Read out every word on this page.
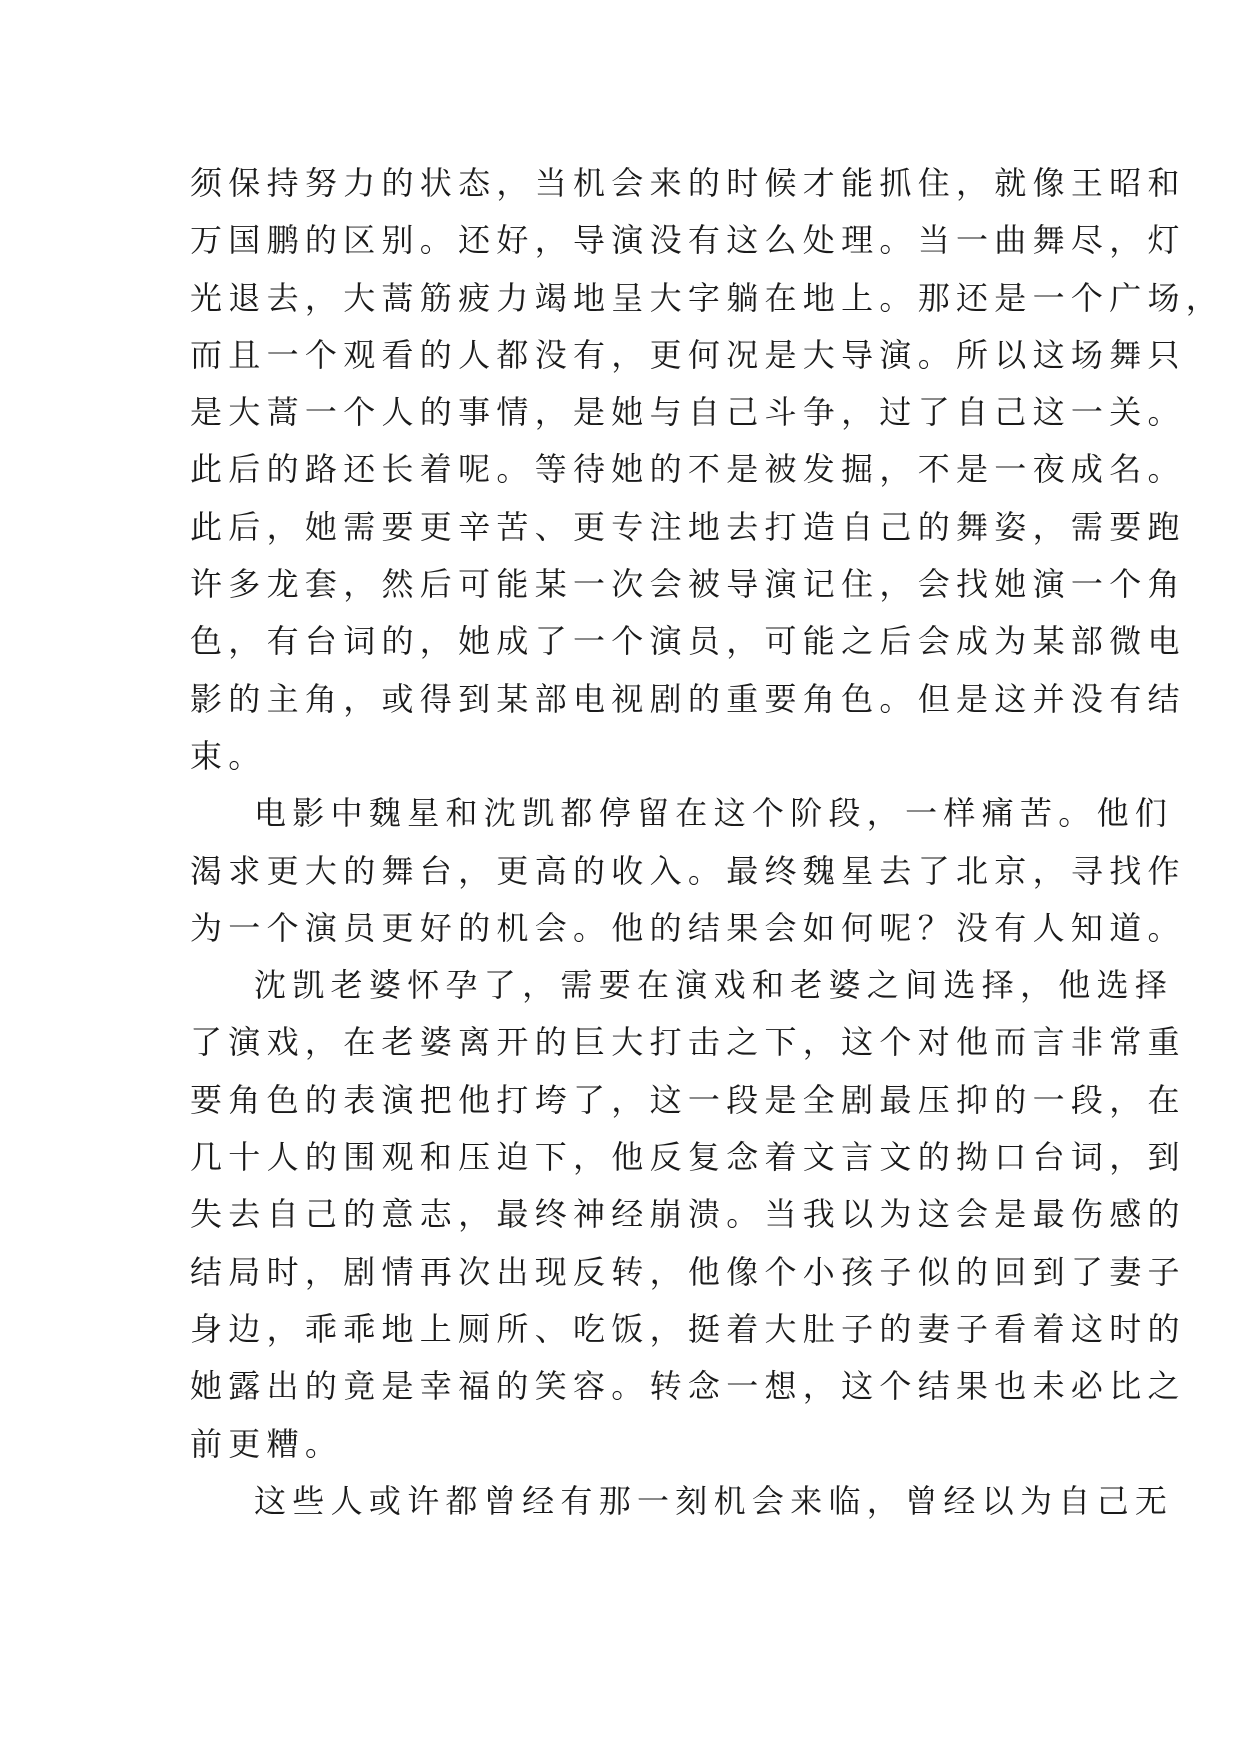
须保持努力的状态，当机会来的时候才能抓住，就像王昭和

万国鹏的区别。还好，导演没有这么处理。当一曲舞尽，灯

光退去，大蒿筋疲力竭地呈大字躺在地上。那还是一个广场，

而且一个观看的人都没有，更何况是大导演。所以这场舞只

是大蒿一个人的事情，是她与自己斗争，过了自己这一关。

此后的路还长着呢。等待她的不是被发掘，不是一夜成名。

此后，她需要更辛苦、更专注地去打造自己的舞姿，需要跑

许多龙套，然后可能某一次会被导演记住，会找她演一个角

色，有台词的，她成了一个演员，可能之后会成为某部微电

影的主角，或得到某部电视剧的重要角色。但是这并没有结

束。

电影中魏星和沈凯都停留在这个阶段，一样痛苦。他们

渴求更大的舞台，更高的收入。最终魏星去了北京，寻找作

为一个演员更好的机会。他的结果会如何呢？没有人知道。

沈凯老婆怀孕了，需要在演戏和老婆之间选择，他选择

了演戏，在老婆离开的巨大打击之下，这个对他而言非常重

要角色的表演把他打垮了，这一段是全剧最压抑的一段，在

几十人的围观和压迫下，他反复念着文言文的拗口台词，到

失去自己的意志，最终神经崩溃。当我以为这会是最伤感的

结局时，剧情再次出现反转，他像个小孩子似的回到了妻子

身边，乖乖地上厕所、吃饭，挺着大肚子的妻子看着这时的

她露出的竟是幸福的笑容。转念一想，这个结果也未必比之

前更糟。

这些人或许都曾经有那一刻机会来临，曾经以为自己无
